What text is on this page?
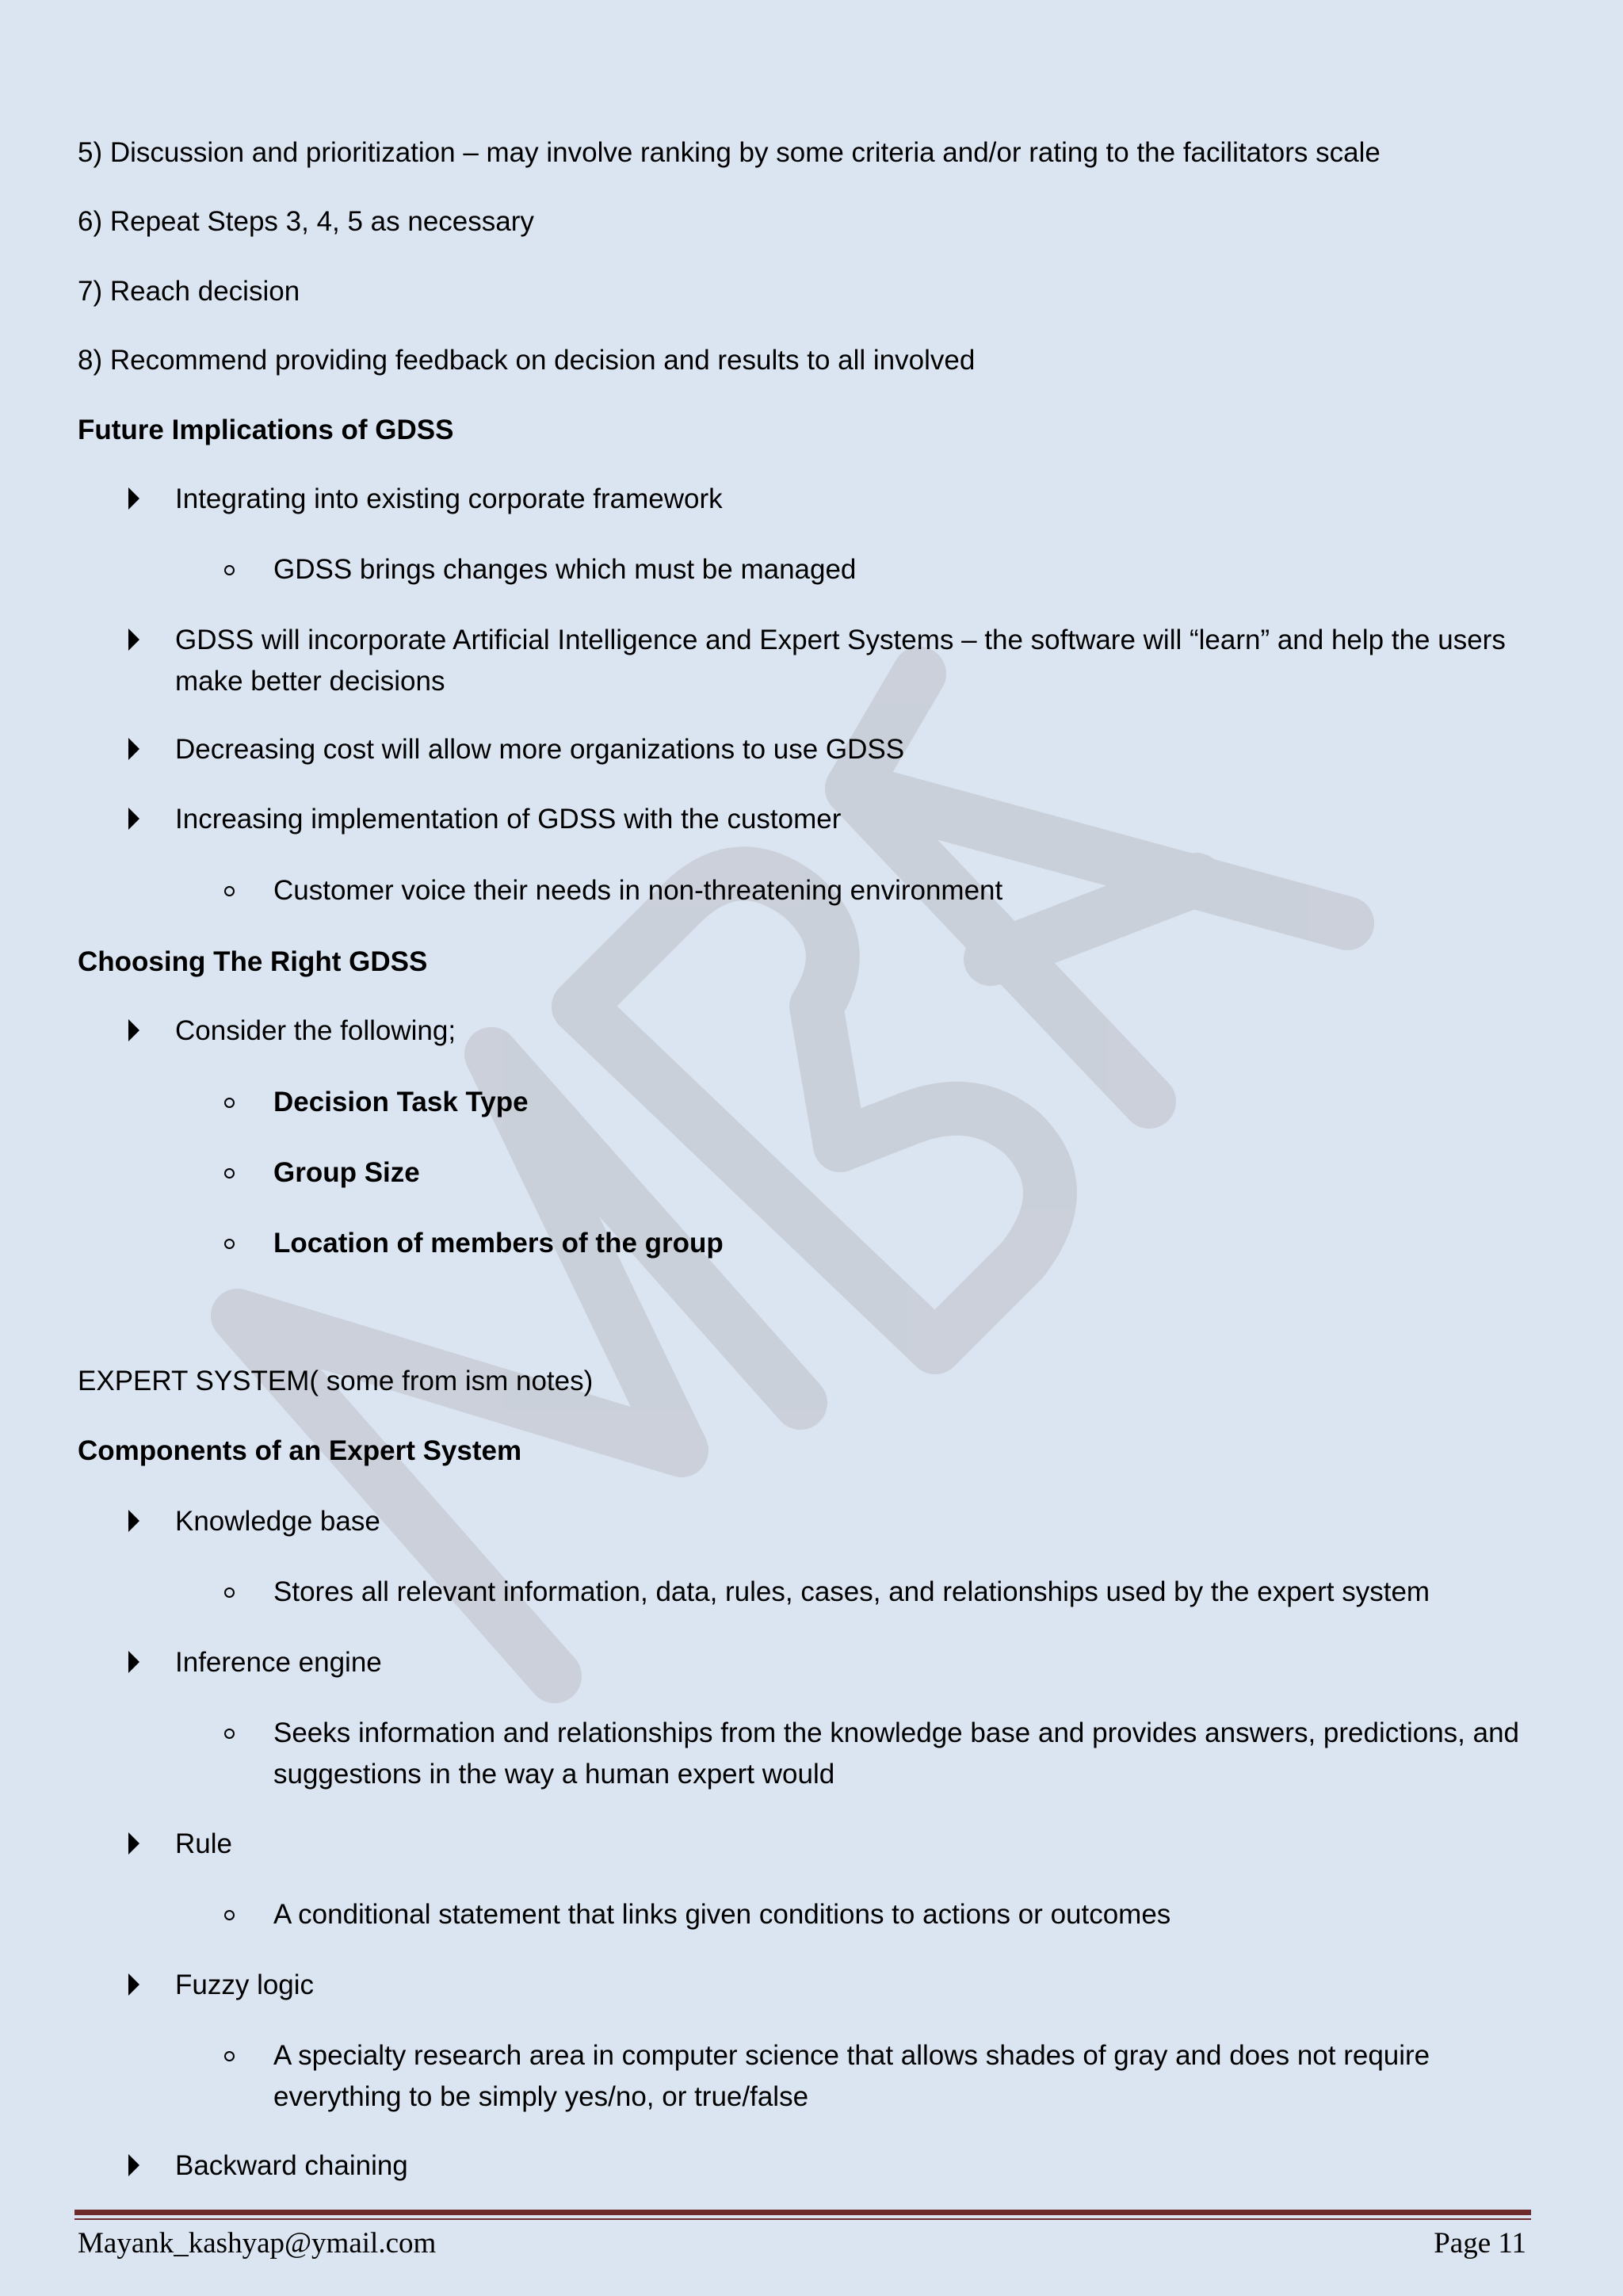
5) Discussion and prioritization – may involve ranking by some criteria and/or rating to the facilitators scale
6) Repeat Steps 3, 4, 5 as necessary
7) Reach decision
8) Recommend providing feedback on decision and results to all involved
Future Implications of GDSS
Integrating into existing corporate framework
GDSS brings changes which must be managed
GDSS will incorporate Artificial Intelligence and Expert Systems – the software will “learn” and help the users
make better decisions
Decreasing cost will allow more organizations to use GDSS
Increasing implementation of GDSS with the customer
Customer voice their needs in non-threatening environment
Choosing The Right GDSS
Consider the following;
Decision Task Type
Group Size
Location of members of the group
EXPERT SYSTEM( some from ism notes)
Components of an Expert System
Knowledge base
Stores all relevant information, data, rules, cases, and relationships used by the expert system
Inference engine
Seeks information and relationships from the knowledge base and provides answers, predictions, and
suggestions in the way a human expert would
Rule
A conditional statement that links given conditions to actions or outcomes
Fuzzy logic
A specialty research area in computer science that allows shades of gray and does not require
everything to be simply yes/no, or true/false
Backward chaining
Mayank_kashyap@ymail.com	Page 11
